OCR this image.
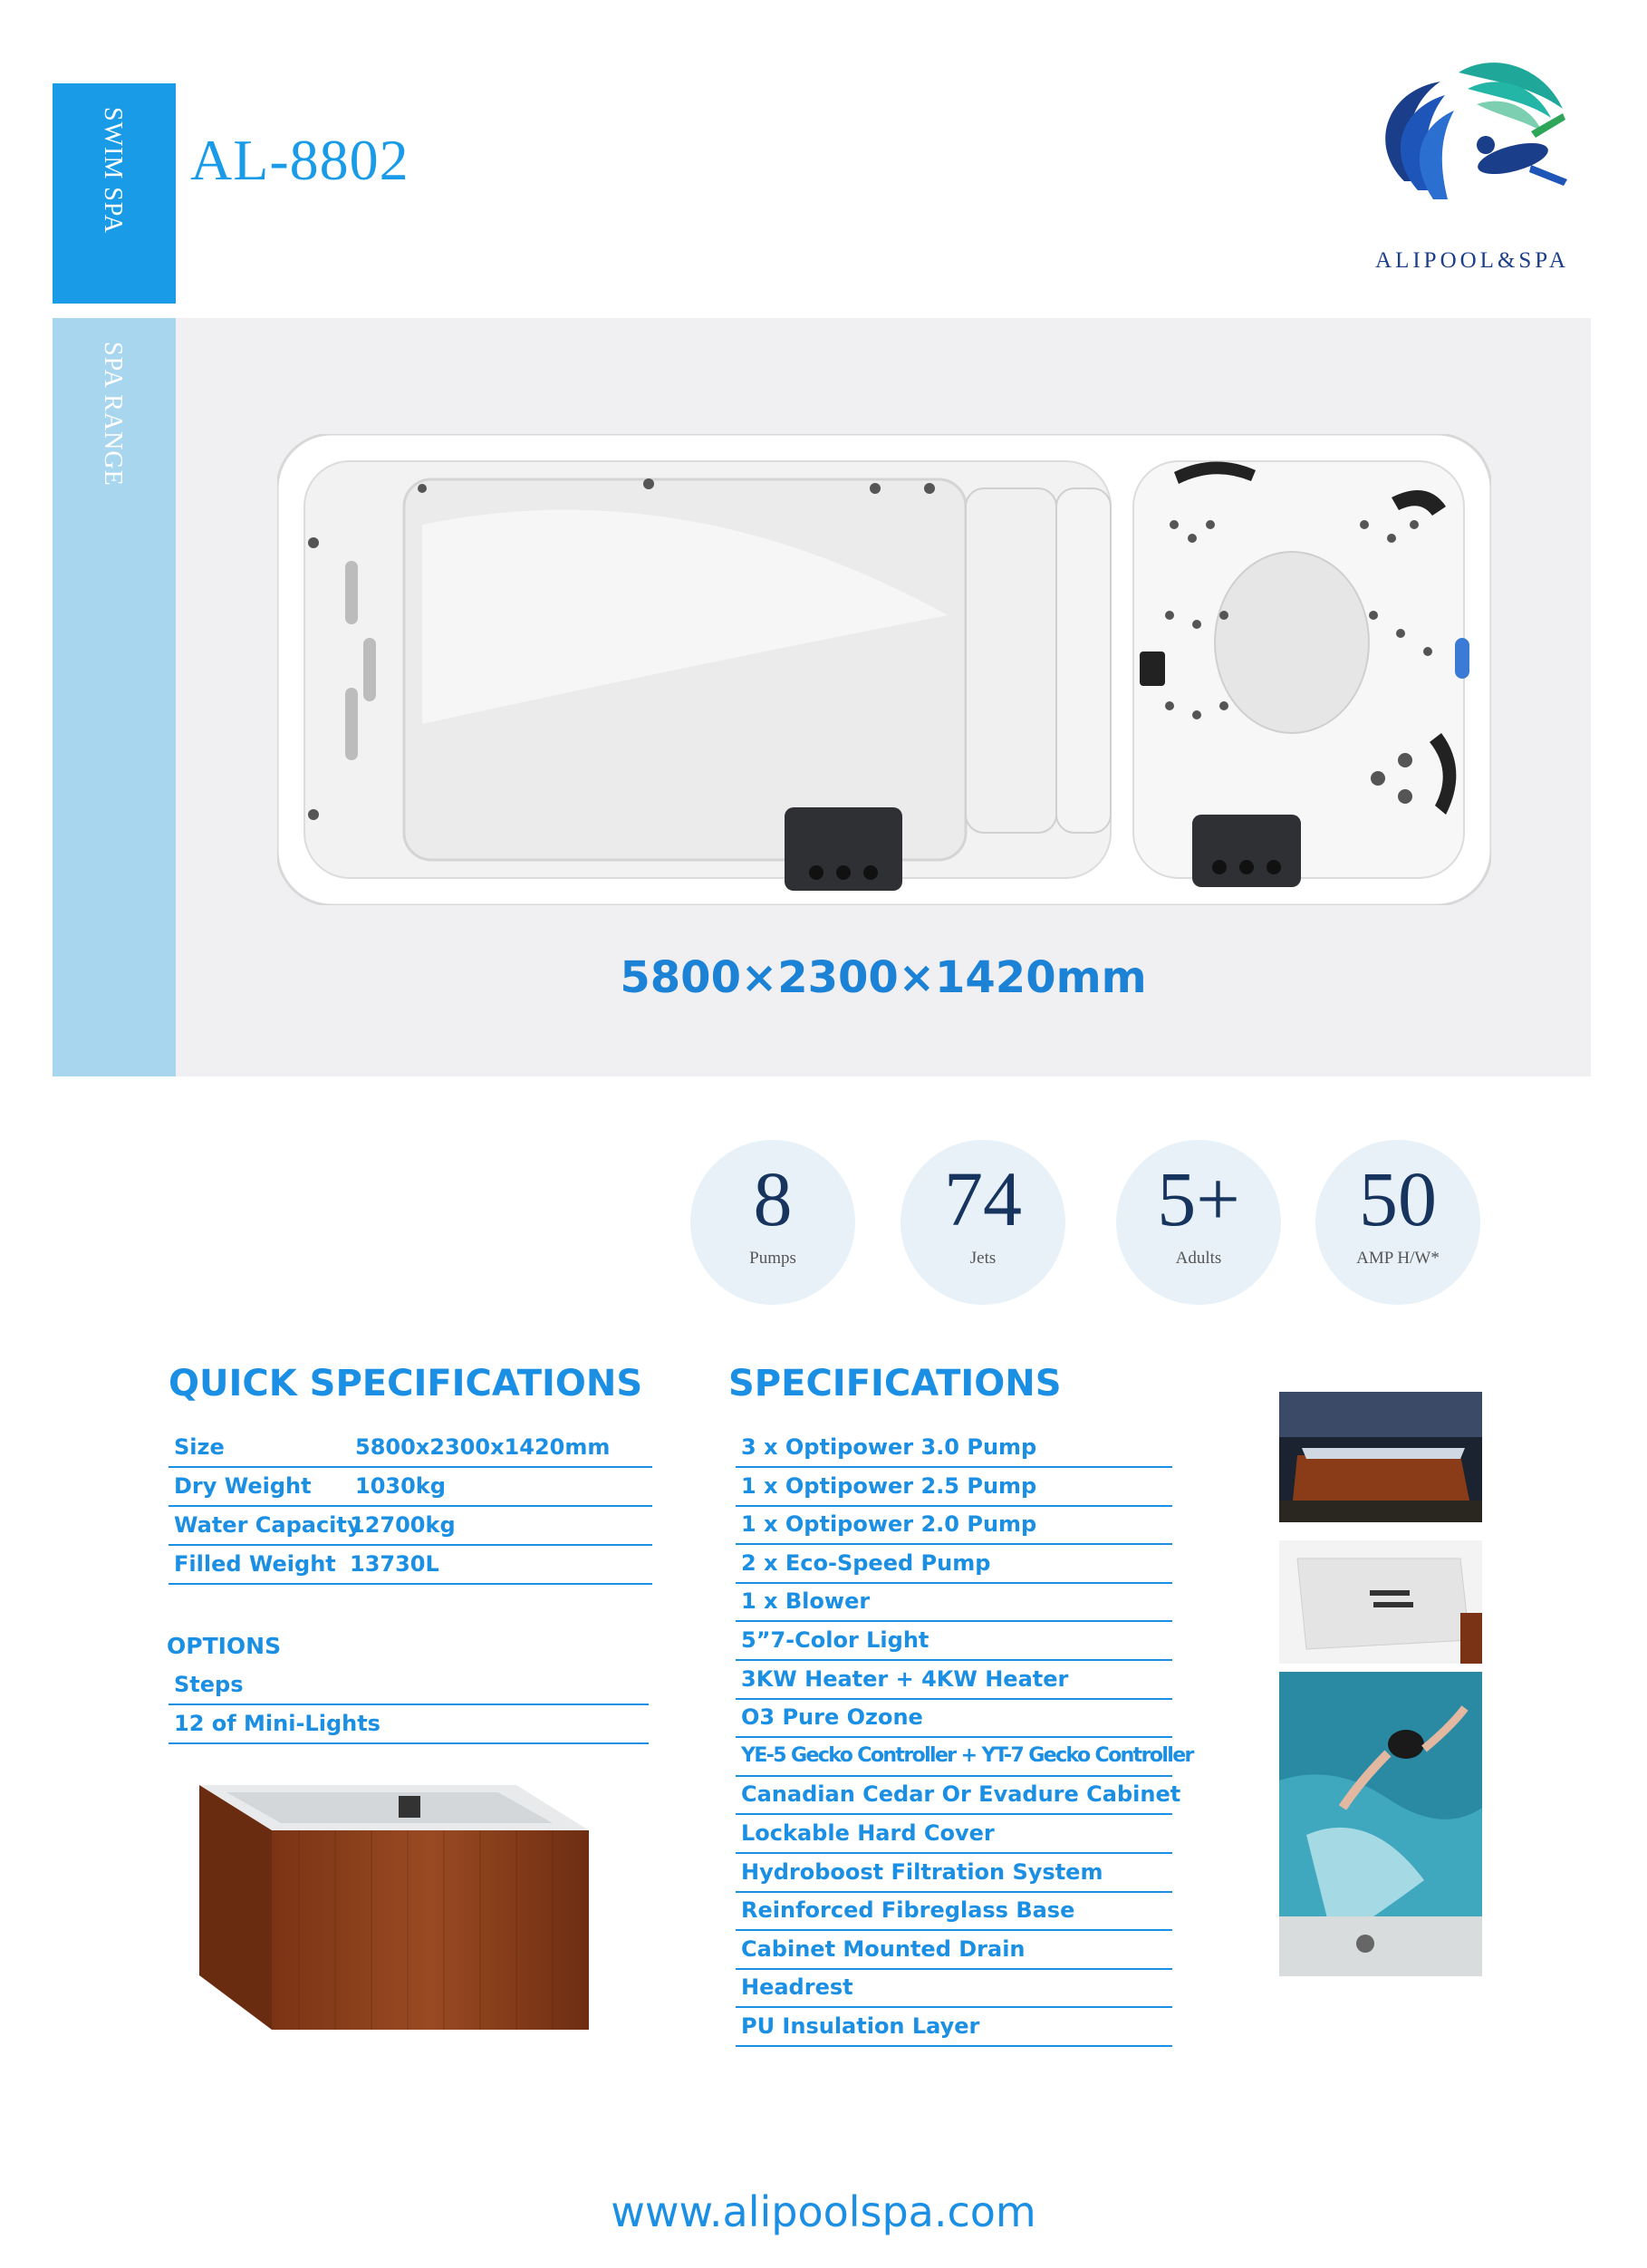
SWIM SPA
SPA RANGE
AL-8802
ALIPOOL&SPA
5800×2300×1420mm
8
Pumps
74
Jets
5+
Adults
50
AMP H/W*
QUICK SPECIFICATIONS
Size	5800x2300x1420mm
Dry Weight 1030kg
Water Capacity
12700kg
Filled Weight 13730L
OPTIONS
Steps
12 of Mini-Lights
SPECIFICATIONS
3 x Optipower 3.0 Pump
1 x Optipower 2.5 Pump
1 x Optipower 2.0 Pump
2 x Eco-Speed Pump
1 x Blower
5”7-Color Light
3KW Heater + 4KW Heater
O3 Pure Ozone
YE-5 Gecko Controller + YT-7 Gecko Controller
Canadian Cedar Or Evadure Cabinet
Lockable Hard Cover
Hydroboost Filtration System
Reinforced Fibreglass Base
Cabinet Mounted Drain
Headrest
PU Insulation Layer
www.alipoolspa.com
